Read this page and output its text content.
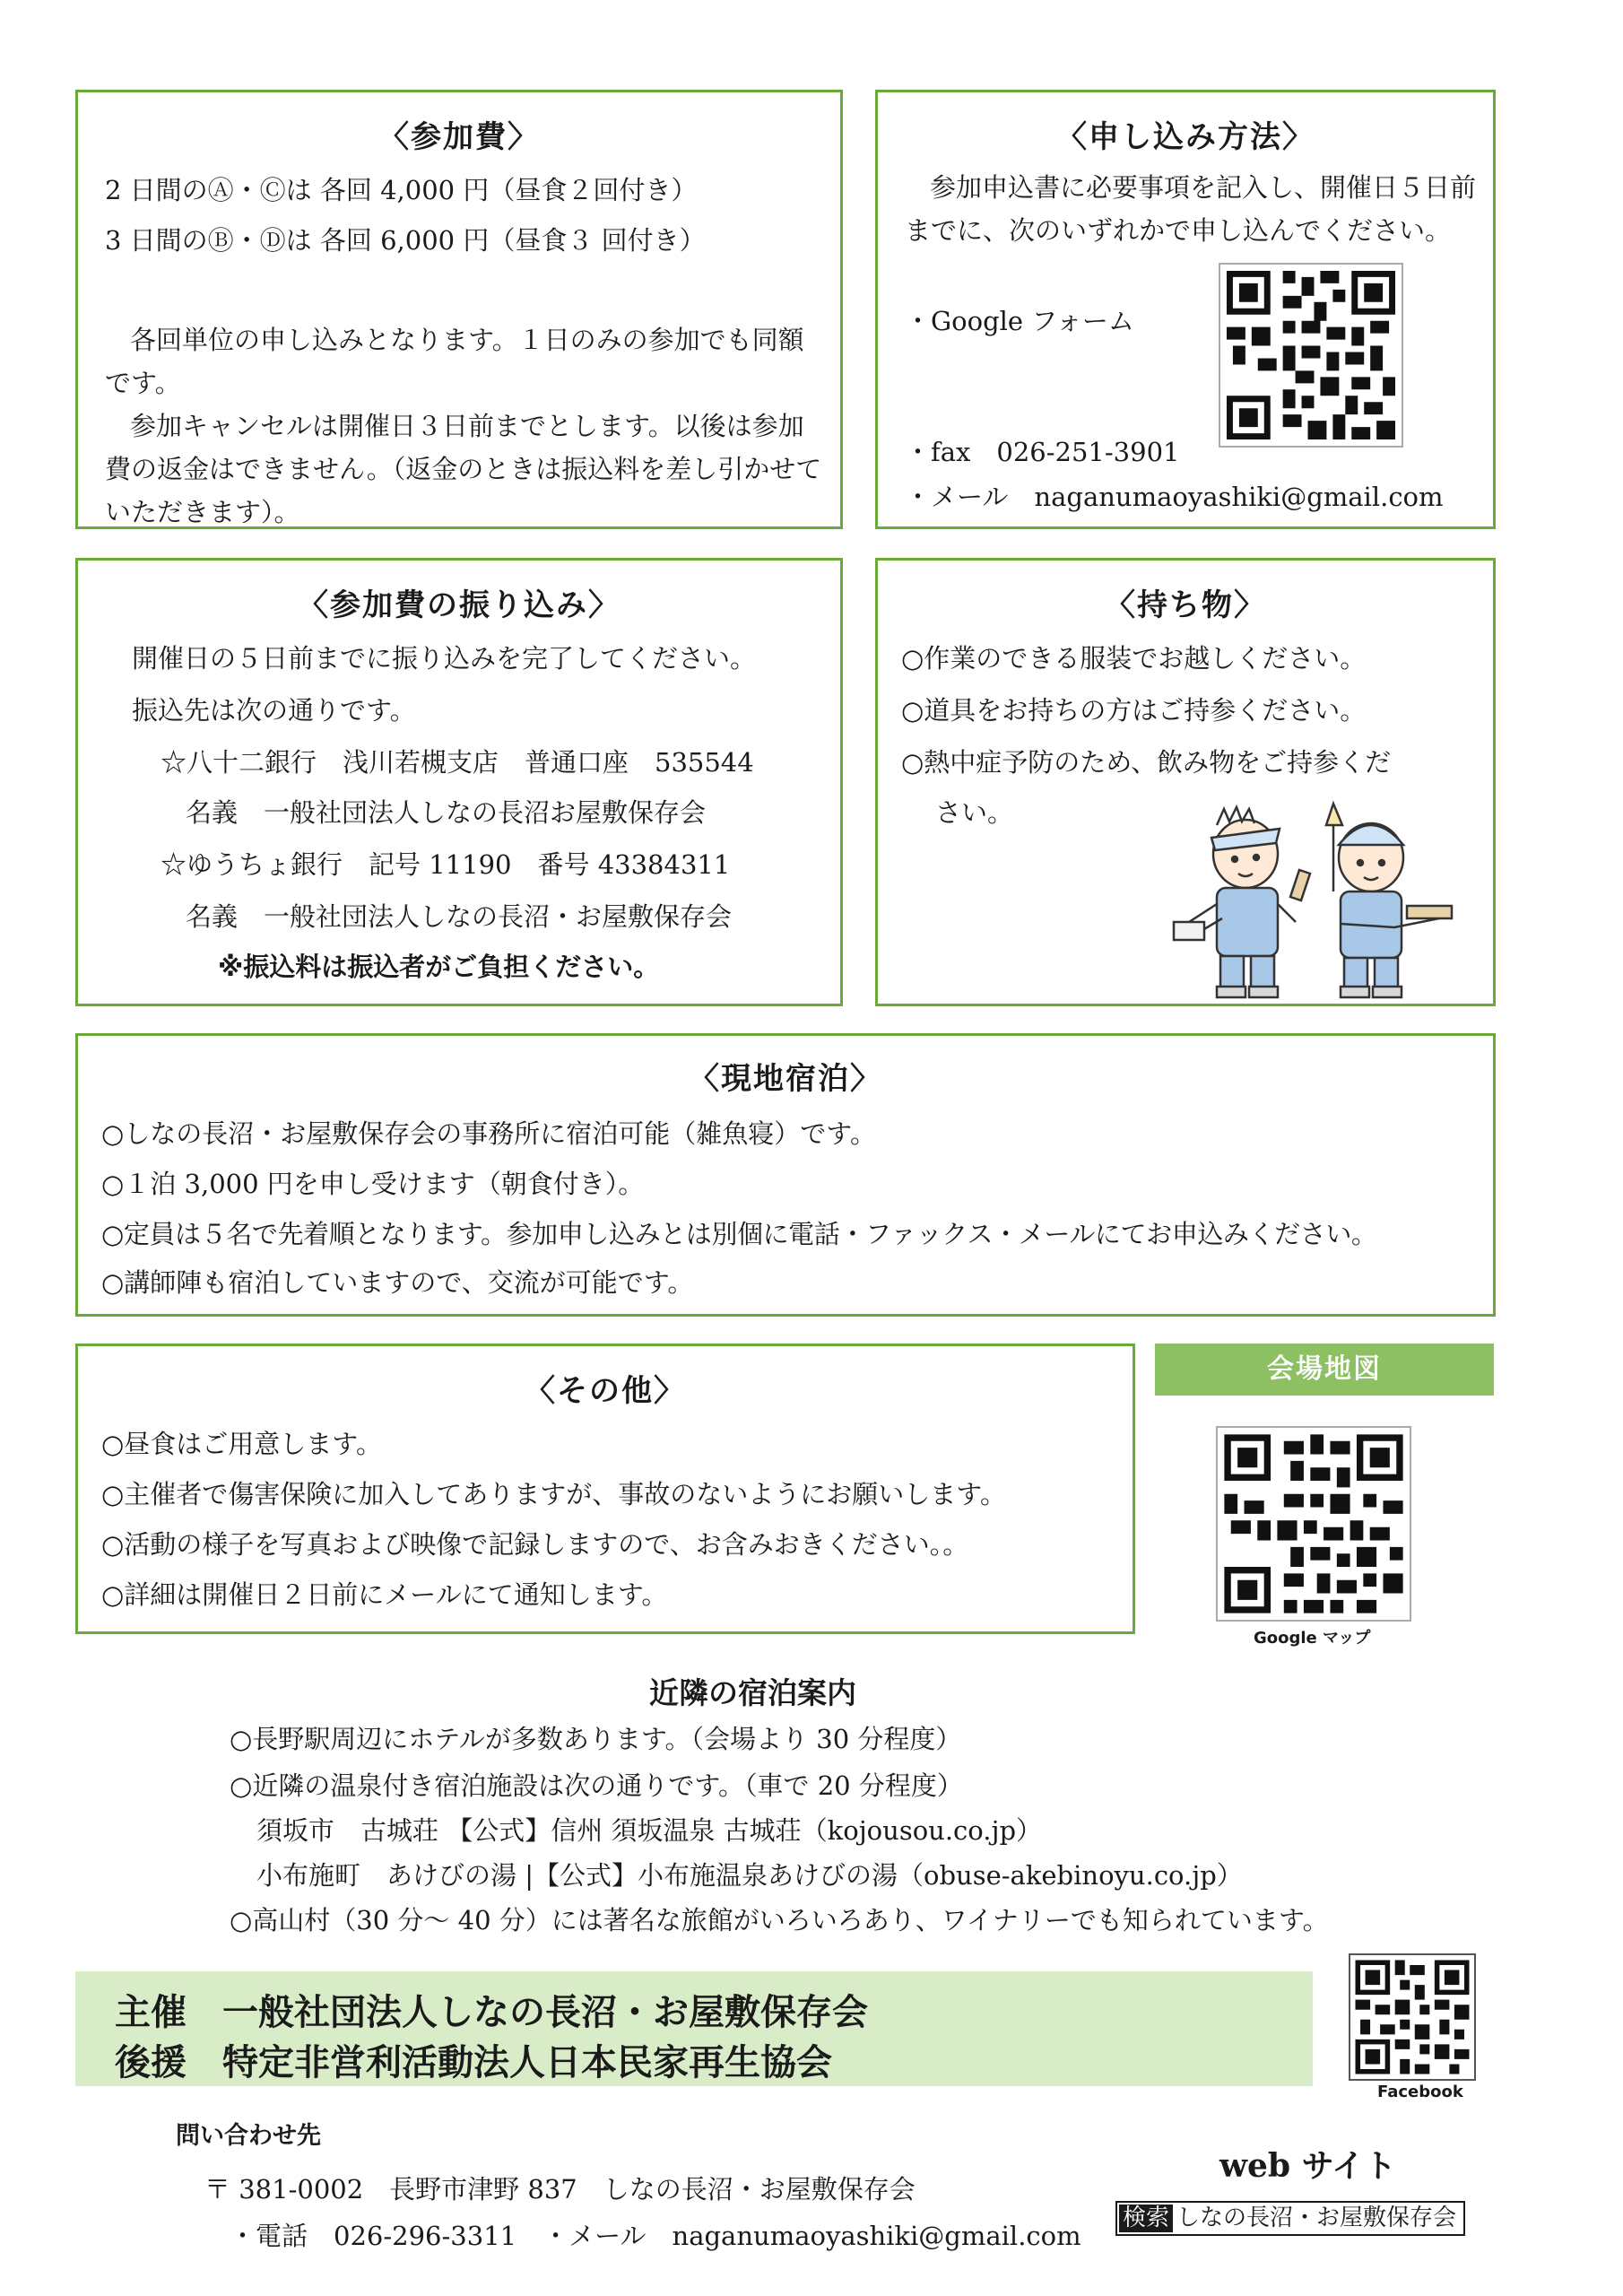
〈参加費〉
2 日間のⒶ・Ⓒは 各回 4,000 円（昼食２回付き）
3 日間のⒷ・Ⓓは 各回 6,000 円（昼食３ 回付き）
各回単位の申し込みとなります。１日のみの参加でも同額です。
参加キャンセルは開催日３日前までとします。以後は参加費の返金はできません。（返金のときは振込料を差し引かせていただきます）。
〈申し込み方法〉
参加申込書に必要事項を記入し、開催日５日前までに、次のいずれかで申し込んでください。
・Google フォーム
・fax　026-251-3901
・メール　naganumaoyashiki@gmail.com
〈参加費の振り込み〉
開催日の５日前までに振り込みを完了してください。
振込先は次の通りです。
☆八十二銀行　浅川若槻支店　普通口座　535544
名義　一般社団法人しなの長沼お屋敷保存会
☆ゆうちょ銀行　記号 11190　番号 43384311
名義　一般社団法人しなの長沼・お屋敷保存会
※振込料は振込者がご負担ください。
〈持ち物〉
○作業のできる服装でお越しください。
○道具をお持ちの方はご持参ください。
○熱中症予防のため、飲み物をご持参くだ
さい。
〈現地宿泊〉
○しなの長沼・お屋敷保存会の事務所に宿泊可能（雑魚寝）です。
○１泊 3,000 円を申し受けます（朝食付き）。
○定員は５名で先着順となります。参加申し込みとは別個に電話・ファックス・メールにてお申込みください。
○講師陣も宿泊していますので、交流が可能です。
〈その他〉
○昼食はご用意します。
○主催者で傷害保険に加入してありますが、事故のないようにお願いします。
○活動の様子を写真および映像で記録しますので、お含みおきください。。
○詳細は開催日２日前にメールにて通知します。
会場地図
Google マップ
近隣の宿泊案内
○長野駅周辺にホテルが多数あります。（会場より 30 分程度）
○近隣の温泉付き宿泊施設は次の通りです。（車で 20 分程度）
須坂市　古城荘 【公式】信州 須坂温泉 古城荘（kojousou.co.jp）
小布施町　あけびの湯 |【公式】小布施温泉あけびの湯（obuse-akebinoyu.co.jp）
○高山村（30 分～ 40 分）には著名な旅館がいろいろあり、ワイナリーでも知られています。
主催　一般社団法人しなの長沼・お屋敷保存会
後援　特定非営利活動法人日本民家再生協会
Facebook
問い合わせ先
〒 381-0002　長野市津野 837　しなの長沼・お屋敷保存会
・電話　026-296-3311　・メール　naganumaoyashiki@gmail.com
web サイト
検索 しなの長沼・お屋敷保存会
